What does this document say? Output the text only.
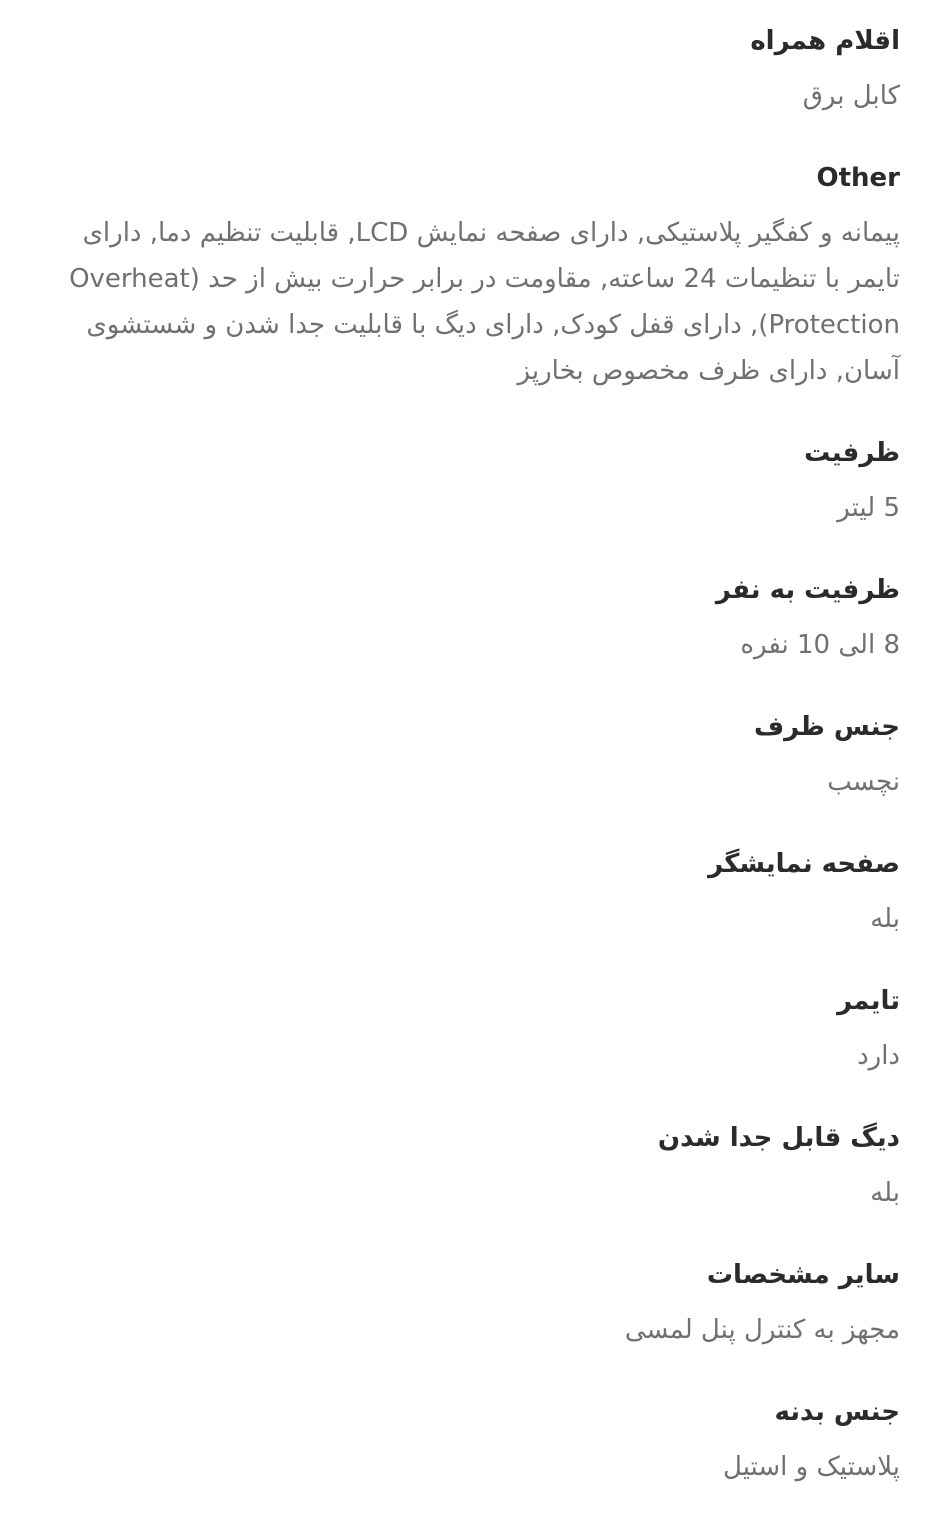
اقلام همراه
کابل برق
Other
پیمانه و کفگیر پلاستیکی, دارای صفحه نمایش LCD, قابلیت تنظیم دما, دارای تایمر با تنظیمات 24 ساعته, مقاومت در برابر حرارت بیش از حد (Overheat Protection), دارای قفل کودک, دارای دیگ با قابلیت جدا شدن و شستشوی آسان, دارای ظرف مخصوص بخارپز
ظرفیت
5 لیتر
ظرفیت به نفر
8 الی 10 نفره
جنس ظرف
نچسب
صفحه نمایشگر
بله
تایمر
دارد
دیگ قابل جدا شدن
بله
سایر مشخصات
مجهز به کنترل پنل لمسی
جنس بدنه
پلاستیک و استیل
